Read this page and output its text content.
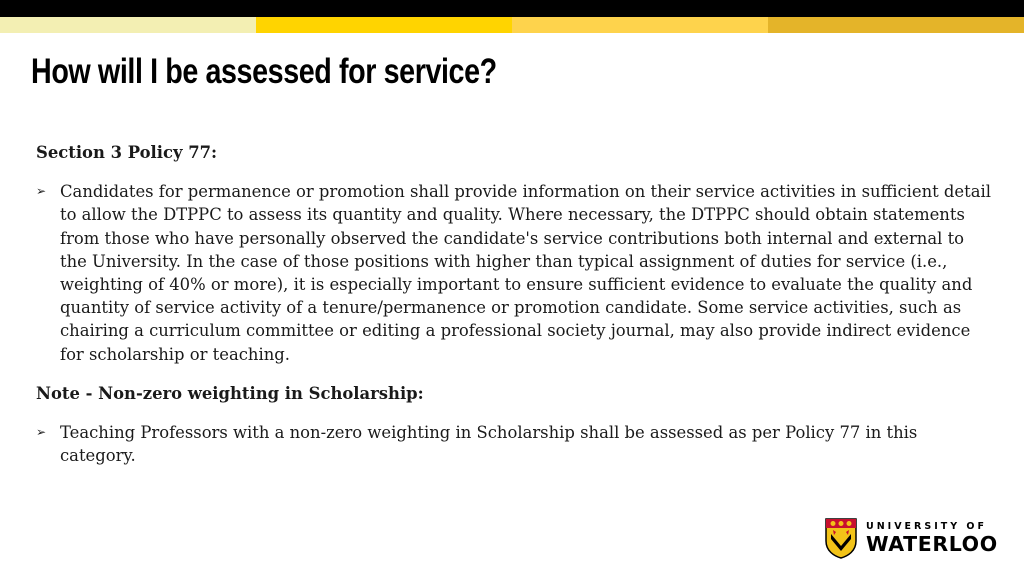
How will I be assessed for service?

Section 3 Policy 77:

➢ Candidates for permanence or promotion shall provide information on their service activities in sufficient detail to allow the DTPPC to assess its quantity and quality. Where necessary, the DTPPC should obtain statements from those who have personally observed the candidate's service contributions both internal and external to the University. In the case of those positions with higher than typical assignment of duties for service (i.e., weighting of 40% or more), it is especially important to ensure sufficient evidence to evaluate the quality and quantity of service activity of a tenure/permanence or promotion candidate. Some service activities, such as chairing a curriculum committee or editing a professional society journal, may also provide indirect evidence for scholarship or teaching.

Note - Non-zero weighting in Scholarship:

➢ Teaching Professors with a non-zero weighting in Scholarship shall be assessed as per Policy 77 in this category.

UNIVERSITY OF
WATERLOO
